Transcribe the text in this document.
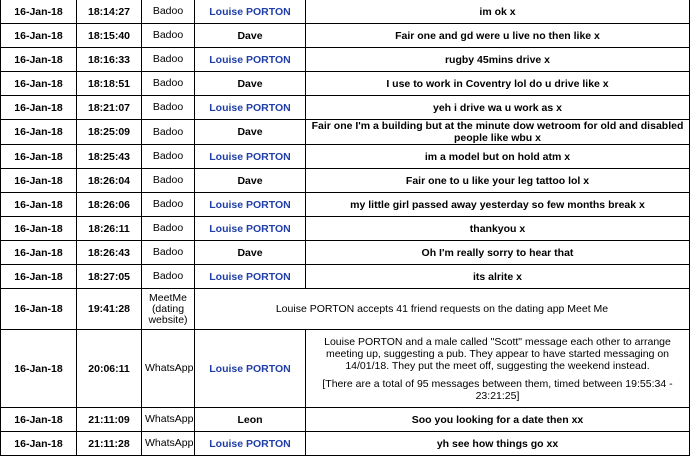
16-Jan-18	18:14:27	Badoo	Louise PORTON	im ok x
16-Jan-18	18:15:40	Badoo	Dave	Fair one and gd were u live no then like x
16-Jan-18	18:16:33	Badoo	Louise PORTON	rugby 45mins drive x
16-Jan-18	18:18:51	Badoo	Dave	I use to work in Coventry lol do u drive like x
16-Jan-18	18:21:07	Badoo	Louise PORTON	yeh i drive wa u work as x
16-Jan-18	18:25:09	Badoo	Dave	Fair one I'm a building but at the minute dow wetroom for old and disabled people like wbu x
16-Jan-18	18:25:43	Badoo	Louise PORTON	im a model but on hold atm x
16-Jan-18	18:26:04	Badoo	Dave	Fair one to u like your leg tattoo lol x
16-Jan-18	18:26:06	Badoo	Louise PORTON	my little girl passed away yesterday so few months break x
16-Jan-18	18:26:11	Badoo	Louise PORTON	thankyou x
16-Jan-18	18:26:43	Badoo	Dave	Oh I'm really sorry to hear that
16-Jan-18	18:27:05	Badoo	Louise PORTON	its alrite x
16-Jan-18	19:41:28	MeetMe (dating website)	Louise PORTON accepts 41 friend requests on the dating app Meet Me	
16-Jan-18	20:06:11	WhatsApp	Louise PORTON	Louise PORTON and a male called "Scott" message each other to arrange meeting up, suggesting a pub. They appear to have started messaging on 14/01/18. They put the meet off, suggesting the weekend instead.

[There are a total of 95 messages between them, timed between 19:55:34 - 23:21:25]

16-Jan-18	21:11:09	WhatsApp	Leon	Soo you looking for a date then xx
16-Jan-18	21:11:28	WhatsApp	Louise PORTON	yh see how things go xx
